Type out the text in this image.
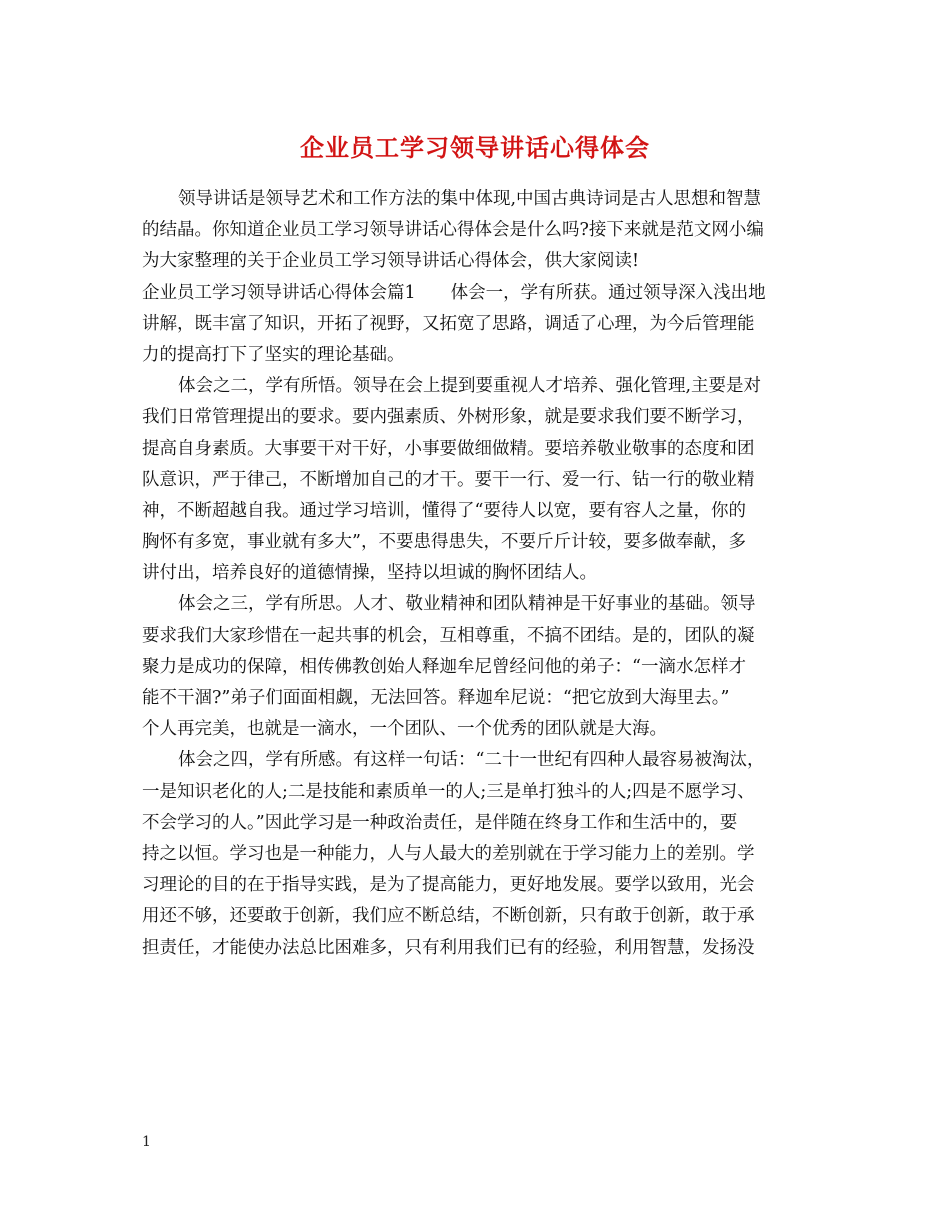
企业员工学习领导讲话心得体会
领导讲话是领导艺术和工作方法的集中体现,中国古典诗词是古人思想和智慧
的结晶。你知道企业员工学习领导讲话心得体会是什么吗?接下来就是范文网小编
为大家整理的关于企业员工学习领导讲话心得体会，供大家阅读!
企业员工学习领导讲话心得体会篇1　　体会一，学有所获。通过领导深入浅出地
讲解，既丰富了知识，开拓了视野，又拓宽了思路，调适了心理，为今后管理能
力的提高打下了坚实的理论基础。
体会之二，学有所悟。领导在会上提到要重视人才培养、强化管理,主要是对
我们日常管理提出的要求。要内强素质、外树形象，就是要求我们要不断学习，
提高自身素质。大事要干对干好，小事要做细做精。要培养敬业敬事的态度和团
队意识，严于律己，不断增加自己的才干。要干一行、爱一行、钻一行的敬业精
神，不断超越自我。通过学习培训，懂得了“要待人以宽，要有容人之量，你的
胸怀有多宽，事业就有多大”，不要患得患失，不要斤斤计较，要多做奉献，多
讲付出，培养良好的道德情操，坚持以坦诚的胸怀团结人。
体会之三，学有所思。人才、敬业精神和团队精神是干好事业的基础。领导
要求我们大家珍惜在一起共事的机会，互相尊重，不搞不团结。是的，团队的凝
聚力是成功的保障，相传佛教创始人释迦牟尼曾经问他的弟子：“一滴水怎样才
能不干涸?”弟子们面面相觑，无法回答。释迦牟尼说：“把它放到大海里去。”
个人再完美，也就是一滴水，一个团队、一个优秀的团队就是大海。
体会之四，学有所感。有这样一句话：“二十一世纪有四种人最容易被淘汰，
一是知识老化的人;二是技能和素质单一的人;三是单打独斗的人;四是不愿学习、
不会学习的人。”因此学习是一种政治责任，是伴随在终身工作和生活中的，要
持之以恒。学习也是一种能力，人与人最大的差别就在于学习能力上的差别。学
习理论的目的在于指导实践，是为了提高能力，更好地发展。要学以致用，光会
用还不够，还要敢于创新，我们应不断总结，不断创新，只有敢于创新，敢于承
担责任，才能使办法总比困难多，只有利用我们已有的经验，利用智慧，发扬没
1
